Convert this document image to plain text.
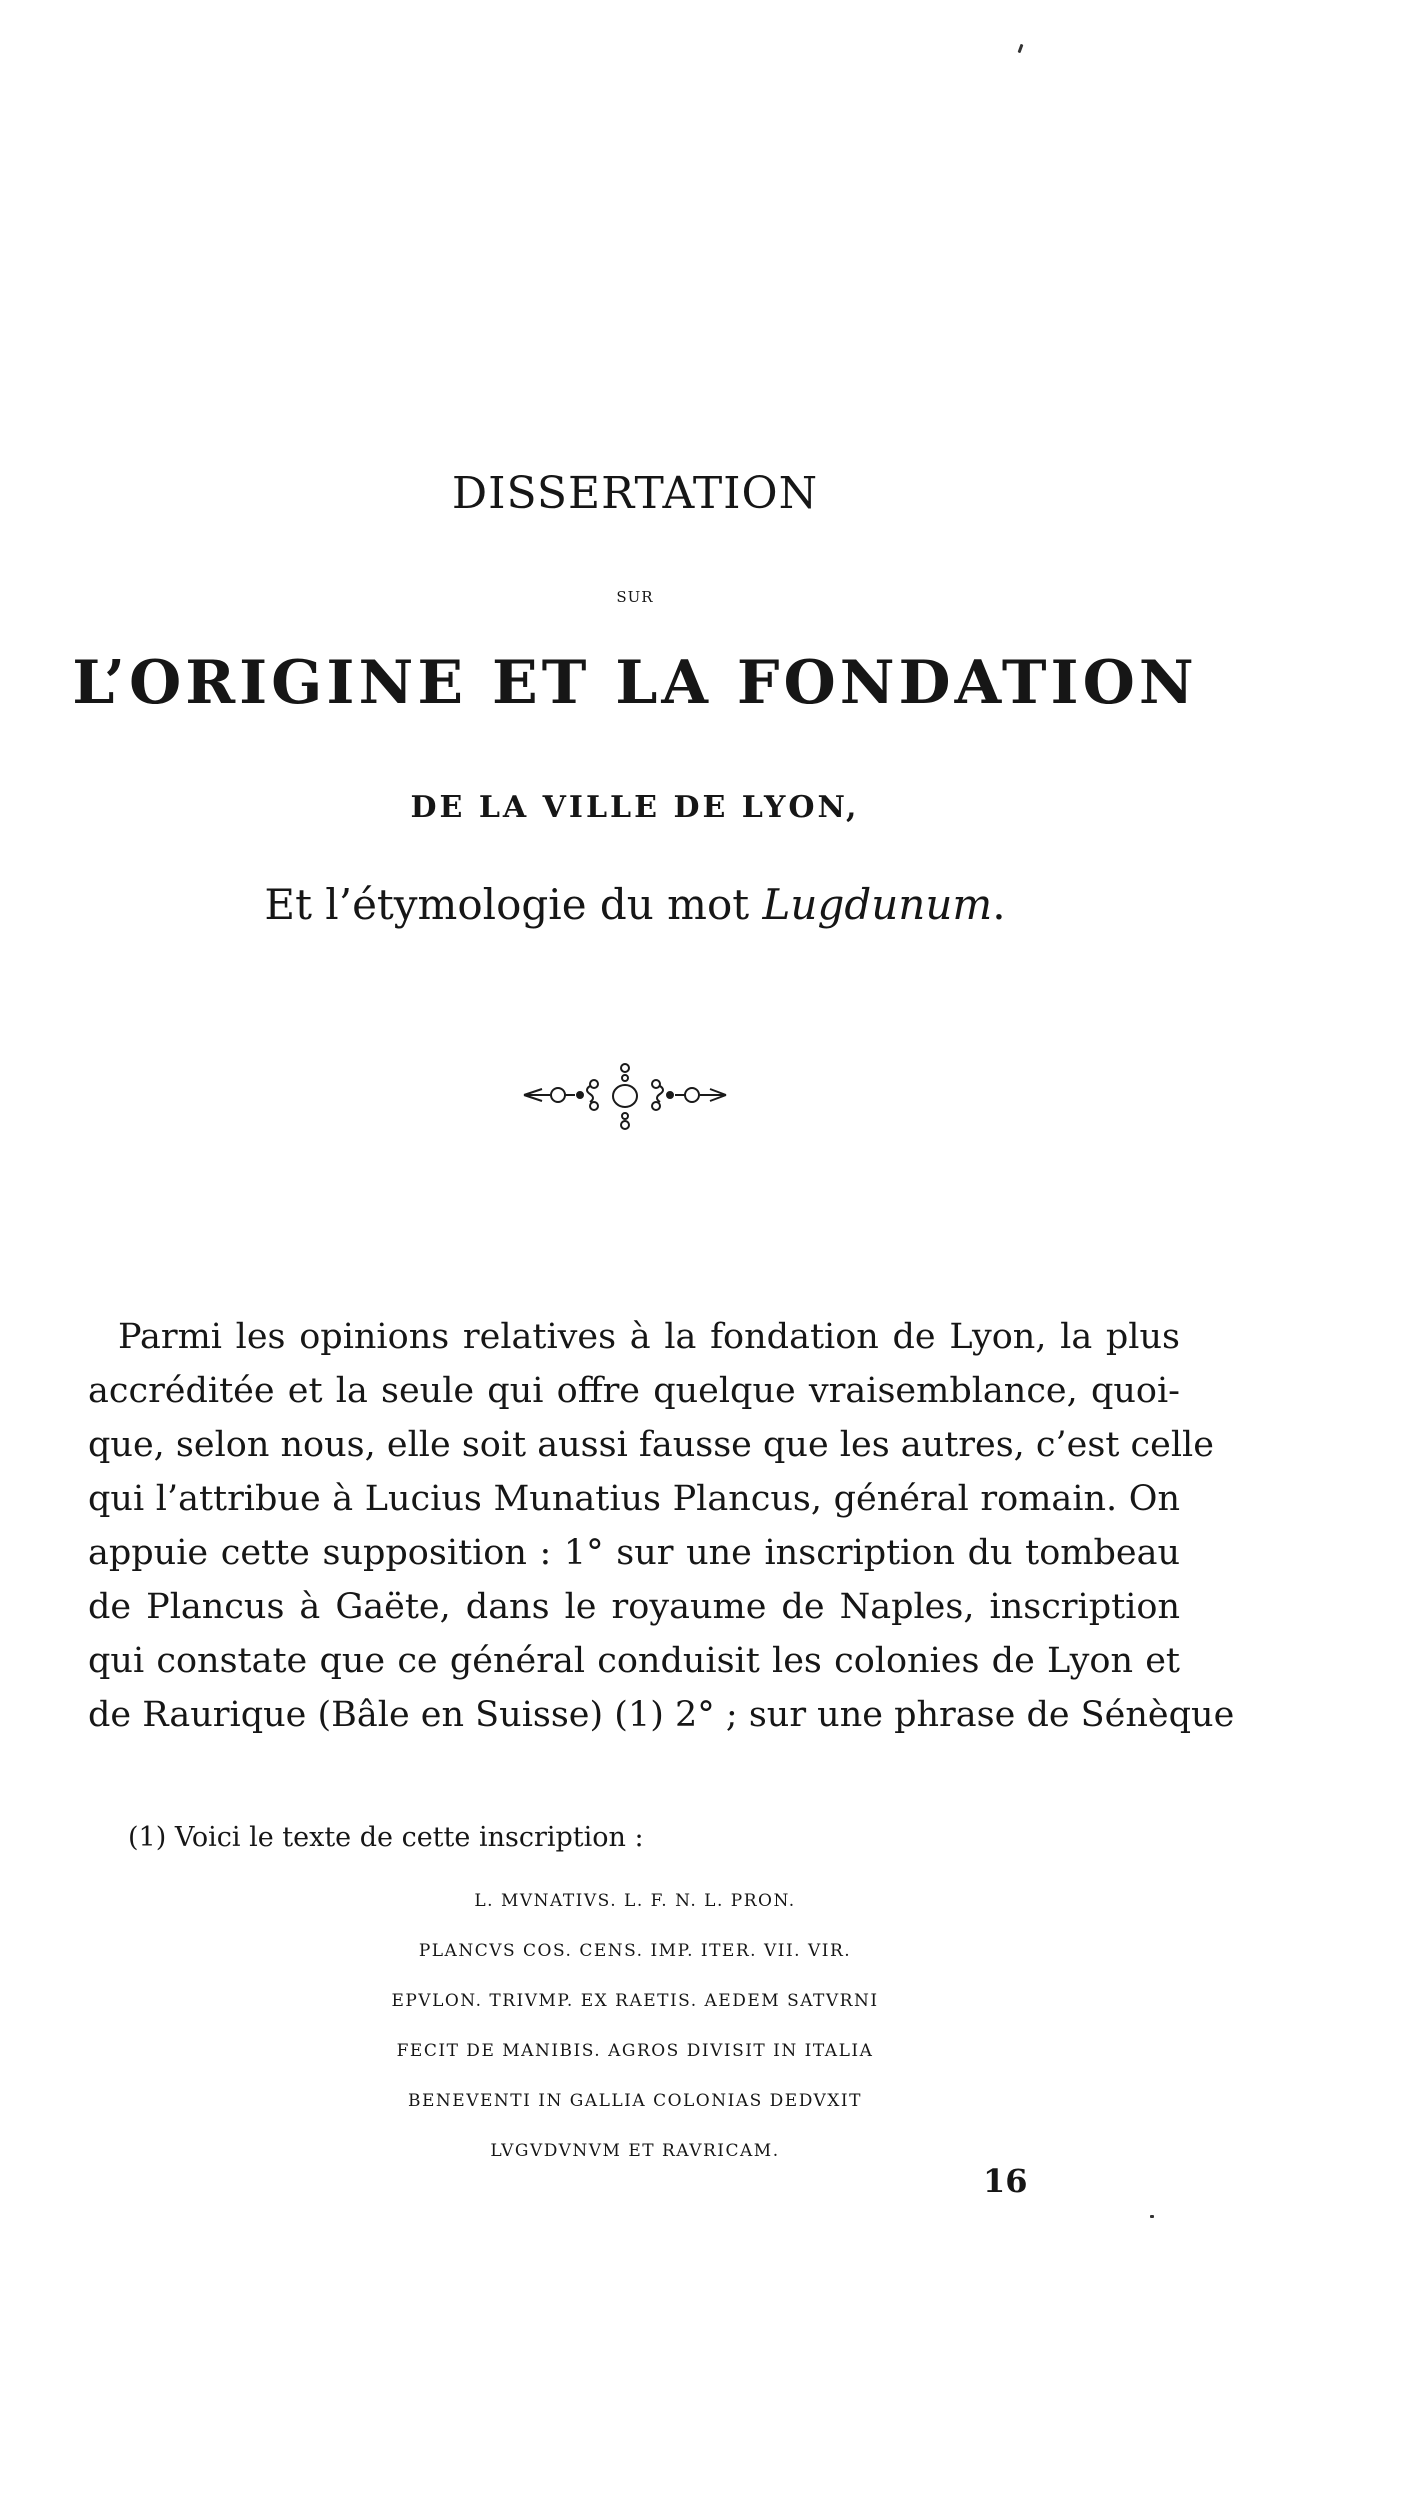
DISSERTATION
SUR
L’ORIGINE ET LA FONDATION
DE LA VILLE DE LYON,
Et l’étymologie du mot Lugdunum.
Parmi les opinions relatives à la fondation de Lyon, la plus
accréditée et la seule qui offre quelque vraisemblance, quoi-
que, selon nous, elle soit aussi fausse que les autres, c’est celle
qui l’attribue à Lucius Munatius Plancus, général romain. On
appuie cette supposition : 1° sur une inscription du tombeau
de Plancus à Gaëte, dans le royaume de Naples, inscription
qui constate que ce général conduisit les colonies de Lyon et
de Raurique (Bâle en Suisse) (1) 2° ; sur une phrase de Sénèque
(1) Voici le texte de cette inscription :
L. MVNATIVS. L. F. N. L. PRON.
PLANCVS COS. CENS. IMP. ITER. VII. VIR.
EPVLON. TRIVMP. EX RAETIS. AEDEM SATVRNI
FECIT DE MANIBIS. AGROS DIVISIT IN ITALIA
BENEVENTI IN GALLIA COLONIAS DEDVXIT
LVGVDVNVM ET RAVRICAM.
16
